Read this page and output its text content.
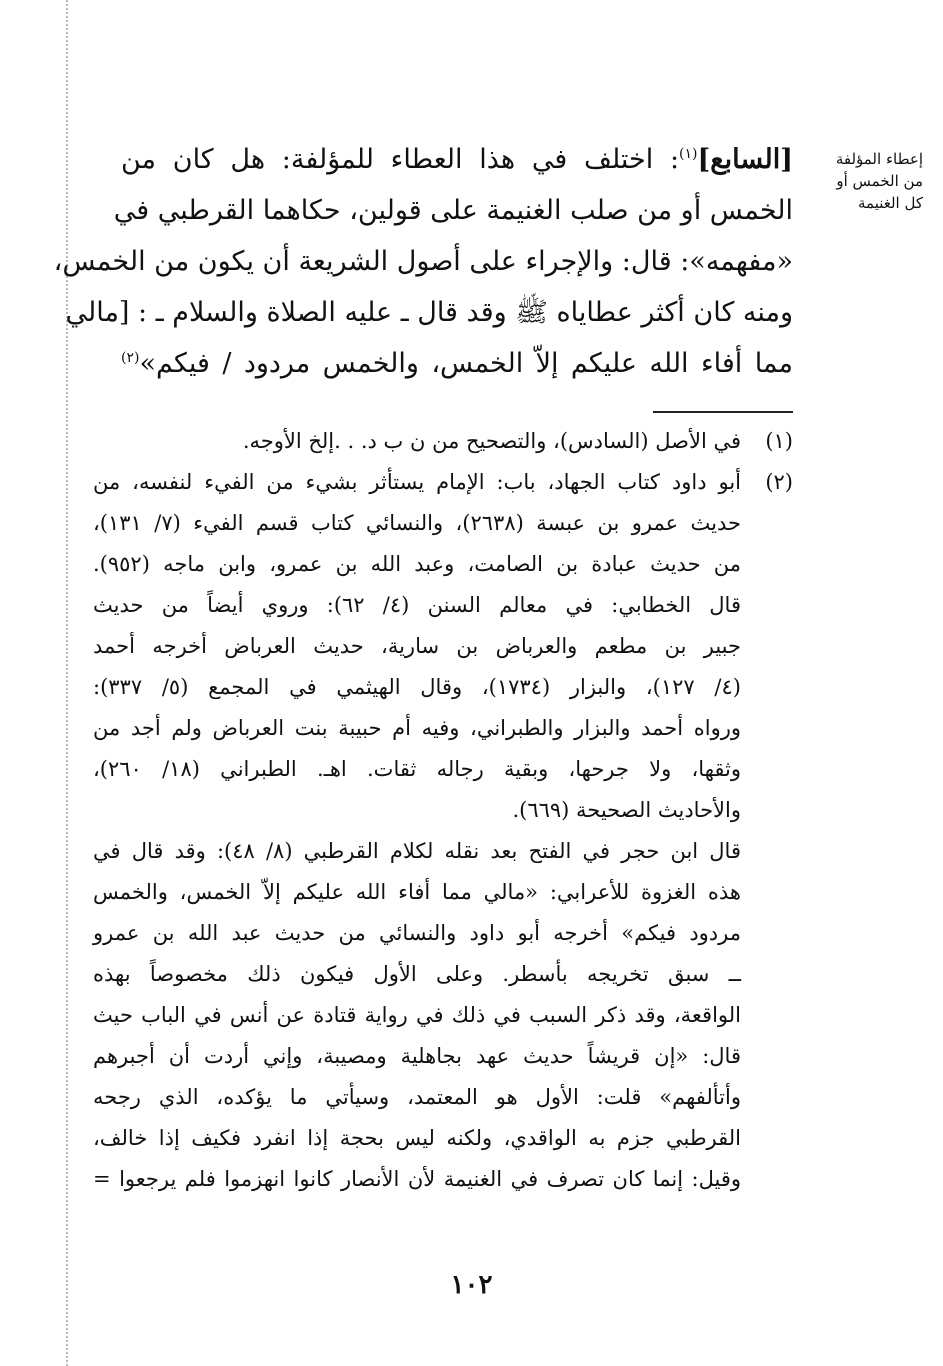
إعطاء المؤلفة
من الخمس أو
كل الغنيمة
[السابع]$^{(١)}$: اختلف في هذا العطاء للمؤلفة: هل كان من
الخمس أو من صلب الغنيمة على قولين، حكاهما القرطبي في
«مفهمه»: قال: والإجراء على أصول الشريعة أن يكون من الخمس،
ومنه كان أكثر عطاياه ﷺ وقد قال ـ عليه الصلاة والسلام ـ : [مالي
مما أفاء الله عليكم إلاّ الخمس، والخمس مردود / فيكم»$^{(٢)}$
(١)
في الأصل (السادس)، والتصحيح من ن ب د. . .إلخ الأوجه.
(٢)
أبو داود كتاب الجهاد، باب: الإمام يستأثر بشيء من الفيء لنفسه، من
حديث عمرو بن عبسة (٢٦٣٨)، والنسائي كتاب قسم الفيء (٧/ ١٣١)،
من حديث عبادة بن الصامت، وعبد الله بن عمرو، وابن ماجه (٩٥٢).
قال الخطابي: في معالم السنن (٤/ ٦٢): وروي أيضاً من حديث
جبير بن مطعم والعرباض بن سارية، حديث العرباض أخرجه أحمد
(٤/ ١٢٧)، والبزار (١٧٣٤)، وقال الهيثمي في المجمع (٥/ ٣٣٧):
ورواه أحمد والبزار والطبراني، وفيه أم حبيبة بنت العرباض ولم أجد من
وثقها، ولا جرحها، وبقية رجاله ثقات. اهـ. الطبراني (١٨/ ٢٦٠)،
والأحاديث الصحيحة (٦٦٩).
قال ابن حجر في الفتح بعد نقله لكلام القرطبي (٨/ ٤٨): وقد قال في
هذه الغزوة للأعرابي: «مالي مما أفاء الله عليكم إلاّ الخمس، والخمس
مردود فيكم» أخرجه أبو داود والنسائي من حديث عبد الله بن عمرو
ــ سبق تخريجه بأسطر. وعلى الأول فيكون ذلك مخصوصاً بهذه
الواقعة، وقد ذكر السبب في ذلك في رواية قتادة عن أنس في الباب حيث
قال: «إن قريشاً حديث عهد بجاهلية ومصيبة، وإني أردت أن أجبرهم
وأتألفهم» قلت: الأول هو المعتمد، وسيأتي ما يؤكده، الذي رجحه
القرطبي جزم به الواقدي، ولكنه ليس بحجة إذا انفرد فكيف إذا خالف،
وقيل: إنما كان تصرف في الغنيمة لأن الأنصار كانوا انهزموا فلم يرجعوا =
١٠٢
